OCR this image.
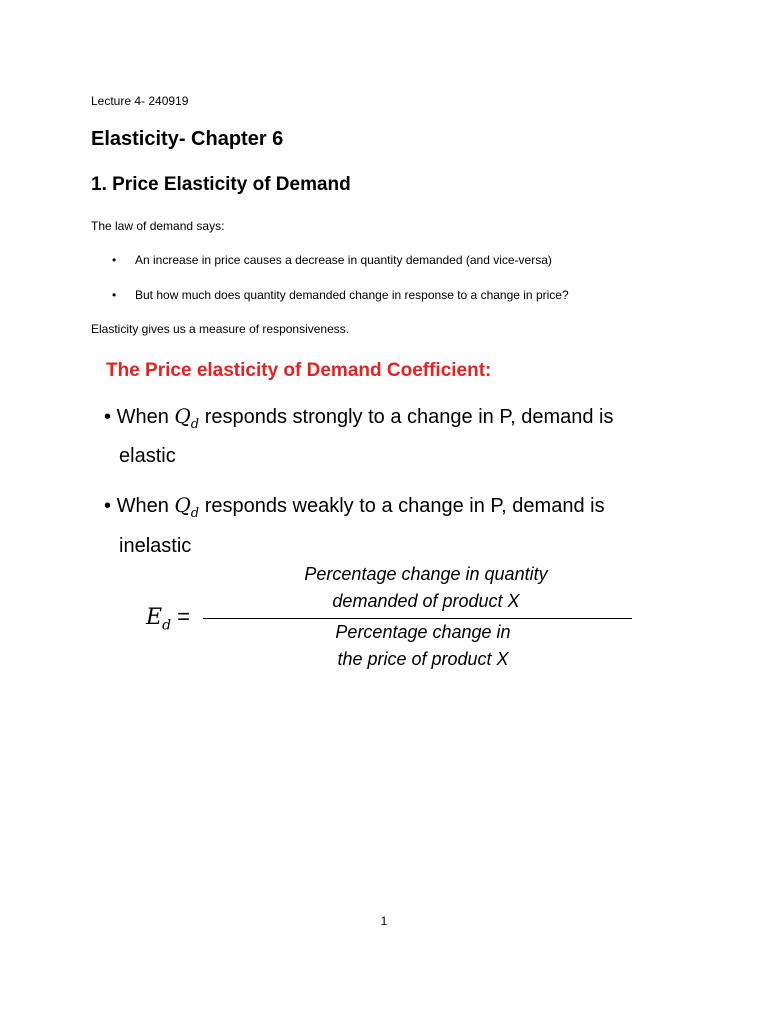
Lecture 4- 240919
Elasticity- Chapter 6
1. Price Elasticity of Demand
The law of demand says:
• An increase in price causes a decrease in quantity demanded (and vice-versa)
• But how much does quantity demanded change in response to a change in price?
Elasticity gives us a measure of responsiveness.
The Price elasticity of Demand Coefficient:
• When $Q_d$ responds strongly to a change in P, demand is
elastic
• When $Q_d$ responds weakly to a change in P, demand is
inelastic
$E_d$ =
Percentage change in quantity
demanded of product X
Percentage change in
the price of product X
1
